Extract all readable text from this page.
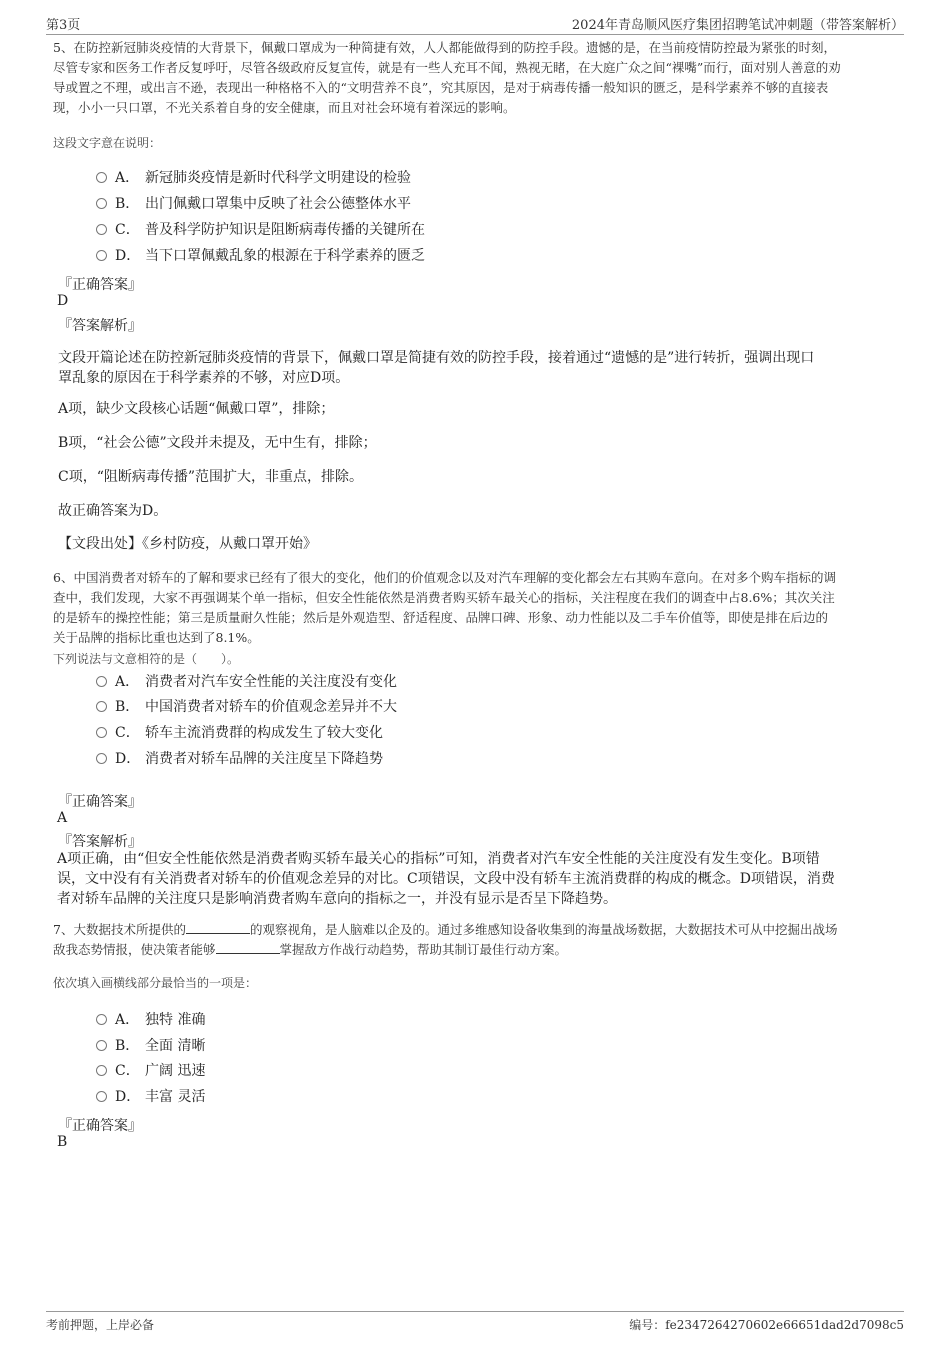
第3页	2024年青岛顺风医疗集团招聘笔试冲刺题（带答案解析）
5、在防控新冠肺炎疫情的大背景下，佩戴口罩成为一种简捷有效，人人都能做得到的防控手段。遗憾的是，在当前疫情防控最为紧张的时刻，
尽管专家和医务工作者反复呼吁，尽管各级政府反复宣传，就是有一些人充耳不闻，熟视无睹，在大庭广众之间“裸嘴”而行，面对别人善意的劝
导或置之不理，或出言不逊，表现出一种格格不入的“文明营养不良”，究其原因，是对于病毒传播一般知识的匮乏，是科学素养不够的直接表
现，小小一只口罩，不光关系着自身的安全健康，而且对社会环境有着深远的影响。
这段文字意在说明：
A． 新冠肺炎疫情是新时代科学文明建设的检验
B． 出门佩戴口罩集中反映了社会公德整体水平
C． 普及科学防护知识是阻断病毒传播的关键所在
D． 当下口罩佩戴乱象的根源在于科学素养的匮乏
『正确答案』
D
『答案解析』
文段开篇论述在防控新冠肺炎疫情的背景下，佩戴口罩是简捷有效的防控手段，接着通过“遗憾的是”进行转折，强调出现口
罩乱象的原因在于科学素养的不够，对应D项。
A项，缺少文段核心话题“佩戴口罩”，排除；
B项，“社会公德”文段并未提及，无中生有，排除；
C项，“阻断病毒传播”范围扩大，非重点，排除。
故正确答案为D。
【文段出处】《乡村防疫，从戴口罩开始》
6、中国消费者对轿车的了解和要求已经有了很大的变化，他们的价值观念以及对汽车理解的变化都会左右其购车意向。在对多个购车指标的调
查中，我们发现，大家不再强调某个单一指标，但安全性能依然是消费者购买轿车最关心的指标，关注程度在我们的调查中占8.6%；其次关注
的是轿车的操控性能；第三是质量耐久性能；然后是外观造型、舒适程度、品牌口碑、形象、动力性能以及二手车价值等，即使是排在后边的
关于品牌的指标比重也达到了8.1%。
下列说法与文意相符的是（　　）。
A． 消费者对汽车安全性能的关注度没有变化
B． 中国消费者对轿车的价值观念差异并不大
C． 轿车主流消费群的构成发生了较大变化
D． 消费者对轿车品牌的关注度呈下降趋势
『正确答案』
A
『答案解析』
A项正确，由“但安全性能依然是消费者购买轿车最关心的指标”可知，消费者对汽车安全性能的关注度没有发生变化。B项错
误，文中没有有关消费者对轿车的价值观念差异的对比。C项错误，文段中没有轿车主流消费群的构成的概念。D项错误，消费
者对轿车品牌的关注度只是影响消费者购车意向的指标之一，并没有显示是否呈下降趋势。
7、大数据技术所提供的	的观察视角，是人脑难以企及的。通过多维感知设备收集到的海量战场数据，大数据技术可从中挖掘出战场
敌我态势情报，使决策者能够	掌握敌方作战行动趋势，帮助其制订最佳行动方案。
依次填入画横线部分最恰当的一项是：
A． 独特 准确
B． 全面 清晰
C． 广阔 迅速
D． 丰富 灵活
『正确答案』
B
考前押题，上岸必备	编号：fe2347264270602e66651dad2d7098c5
